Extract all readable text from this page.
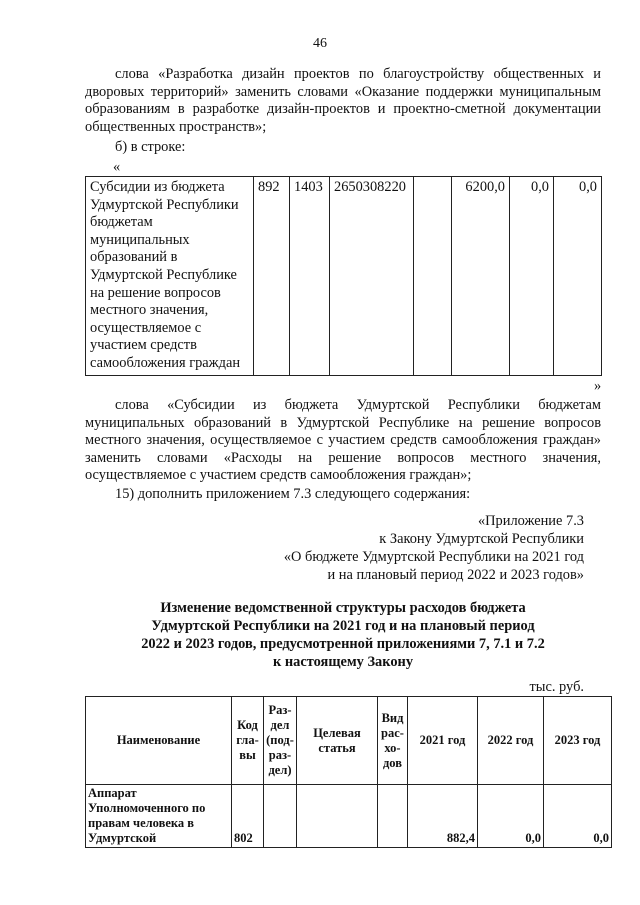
46
слова «Разработка дизайн проектов по благоустройству общественных и дворовых территорий» заменить словами «Оказание поддержки муниципальным образованиям в разработке дизайн-проектов и проектно-сметной документации общественных пространств»;
б) в строке:
«
Субсидии из бюджета Удмуртской Республики бюджетам муниципальных образований в Удмуртской Республике на решение вопросов местного значения, осуществляемое с участием средств самообложения граждан	892	1403	2650308220		6200,0	0,0	0,0
»
слова «Субсидии из бюджета Удмуртской Республики бюджетам муниципальных образований в Удмуртской Республике на решение вопросов местного значения, осуществляемое с участием средств самообложения граждан» заменить словами «Расходы на решение вопросов местного значения, осуществляемое с участием средств самообложения граждан»;
15) дополнить приложением 7.3 следующего содержания:
«Приложение 7.3
к Закону Удмуртской Республики
«О бюджете Удмуртской Республики на 2021 год
и на плановый период 2022 и 2023 годов»
Изменение ведомственной структуры расходов бюджета
Удмуртской Республики на 2021 год и на плановый период
2022 и 2023 годов, предусмотренной приложениями 7, 7.1 и 7.2
к настоящему Закону
тыс. руб.
Наименование	Код гла- вы	Раз- дел (под- раз- дел)	Целевая статья	Вид рас- хо- дов	2021 год	2022 год	2023 год
Аппарат Уполномоченного по правам человека в Удмуртской	802				882,4	0,0	0,0
